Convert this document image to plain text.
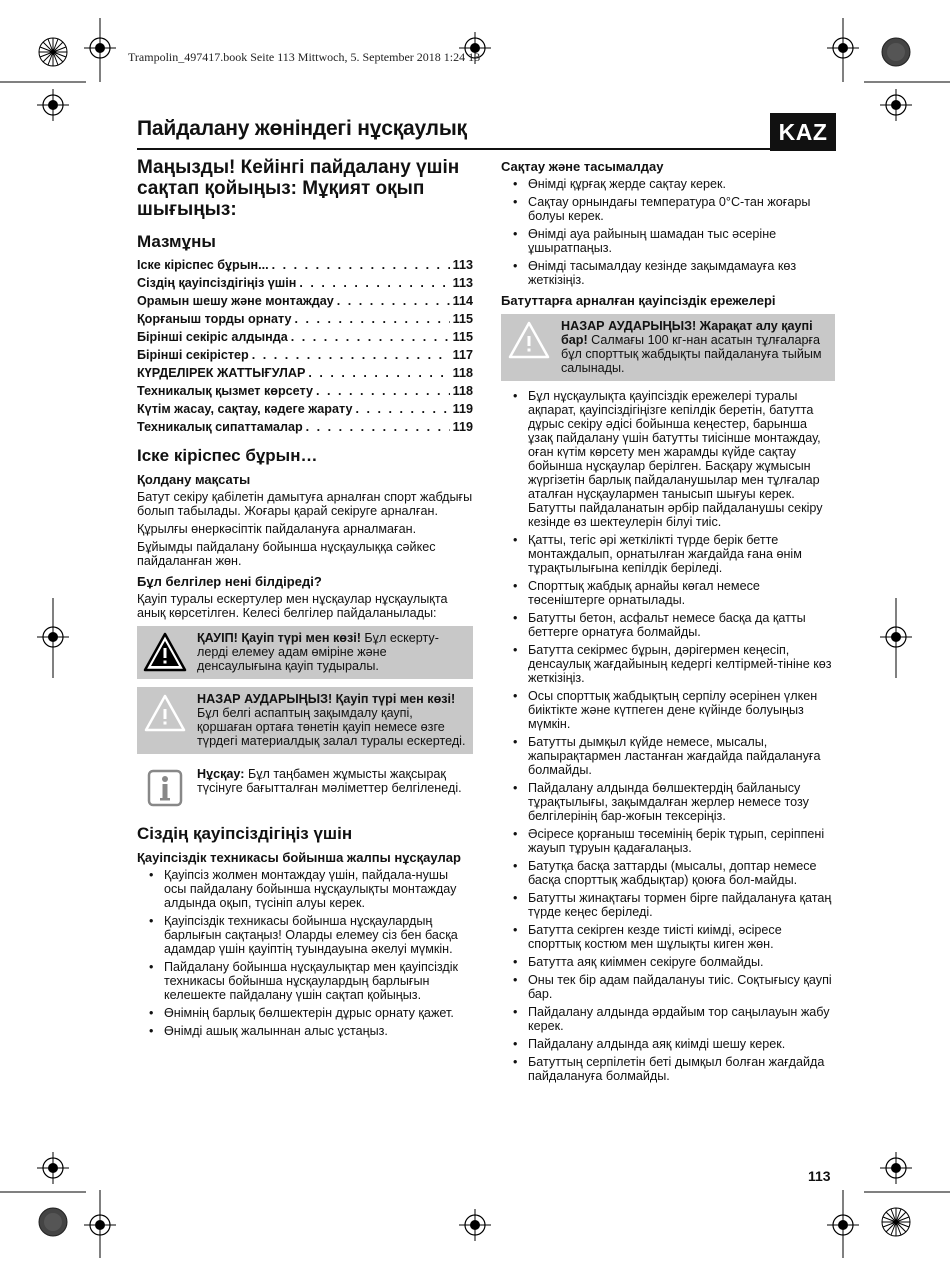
Trampolin_497417.book Seite 113 Mittwoch, 5. September 2018 1:24 13
Пайдалану жөніндегі нұсқаулық	KAZ
Маңызды! Кейінгі пайдалану үшін сақтап қойыңыз: Мұқият оқып шығыңыз:
Мазмұны
Іске кіріспес бұрын... . . .	113
Сіздің қауіпсіздігіңіз үшін . . .	113
Орамын шешу және монтаждау . . .	114
Қорғаныш торды орнату . . .	115
Бірінші секіріс алдында . . .	115
Бірінші секірістер . . .	117
КҮРДЕЛІРЕК ЖАТТЫҒУЛАР . . .	118
Техникалық қызмет көрсету . . .	118
Күтім жасау, сақтау, кәдеге жарату . . .	119
Техникалық сипаттамалар . . .	119
Іске кіріспес бұрын…
Қолдану мақсаты

Батут секіру қабілетін дамытуға арналған спорт жабдығы болып табылады. Жоғары қарай секіруге арналған.

Құрылғы өнеркәсіптік пайдалануға арналмаған.

Бұйымды пайдалану бойынша нұсқаулыққа сәйкес пайдаланған жөн.

Бұл белгілер нені білдіреді?

Қауіп туралы ескертулер мен нұсқаулар нұсқаулықта анық көрсетілген. Келесі белгілер пайдаланылады:

ҚАУІП! Қауіп түрі мен көзі! Бұл ескерту-лерді елемеу адам өміріне және денсаулығына қауіп тудыралы.
НАЗАР АУДАРЫҢЫЗ! Қауіп түрі мен көзі! Бұл белгі аспаптың зақымдалу қаупі, қоршаған ортаға төнетін қауіп немесе өзге түрдегі материалдық залал туралы ескертеді.
Нұсқау: Бұл таңбамен жұмысты жақсырақ түсінуге бағытталған мәліметтер белгіленеді.
Сіздің қауіпсіздігіңіз үшін
Қауіпсіздік техникасы бойынша жалпы нұсқаулар
• Қауіпсіз жолмен монтаждау үшін, пайдала-нушы осы пайдалану бойынша нұсқаулықты монтаждау алдында оқып, түсініп алуы керек.
• Қауіпсіздік техникасы бойынша нұсқаулардың барлығын сақтаңыз! Оларды елемеу сіз бен басқа адамдар үшін қауіптің туындауына әкелуі мүмкін.
• Пайдалану бойынша нұсқаулықтар мен қауіпсіздік техникасы бойынша нұсқаулардың барлығын келешекте пайдалану үшін сақтап қойыңыз.
• Өнімнің барлық бөлшектерін дұрыс орнату қажет.
• Өнімді ашық жалыннан алыс ұстаңыз.
Сақтау және тасымалдау
• Өнімді құрғақ жерде сақтау керек.
• Сақтау орнындағы температура 0°C-тан жоғары болуы керек.
• Өнімді ауа райының шамадан тыс әсеріне ұшыратпаңыз.
• Өнімді тасымалдау кезінде зақымдамауға көз жеткізіңіз.
Батуттарға арналған қауіпсіздік ережелері
НАЗАР АУДАРЫҢЫЗ! Жарақат алу қаупі бар! Салмағы 100 кг-нан асатын тұлғаларға бұл спорттық жабдықты пайдалануға тыйым салынады.
• Бұл нұсқаулықта қауіпсіздік ережелері туралы ақпарат, қауіпсіздігіңізге кепілдік беретін, батутта дұрыс секіру әдісі бойынша кеңестер, барынша ұзақ пайдалану үшін батутты тиісінше монтаждау, оған күтім көрсету мен жарамды күйде сақтау бойынша нұсқаулар берілген. Басқару жұмысын жүргізетін барлық пайдаланушылар мен тұлғалар аталған нұсқаулармен танысып шығуы керек. Батутты пайдаланатын әрбір пайдаланушы секіру кезінде өз шектеулерін білуі тиіс.
• Қатты, тегіс әрі жеткілікті түрде берік бетте монтаждалып, орнатылған жағдайда ғана өнім тұрақтылығына кепілдік беріледі.
• Спорттық жабдық арнайы көгал немесе төсеніштерге орнатылады.
• Батутты бетон, асфальт немесе басқа да қатты беттерге орнатуға болмайды.
• Батутта секірмес бұрын, дәрігермен кеңесіп, денсаулық жағдайының кедергі келтірмей-тініне көз жеткізіңіз.
• Осы спорттық жабдықтың серпілу әсерінен үлкен биіктікте және күтпеген дене күйінде болуыңыз мүмкін.
• Батутты дымқыл күйде немесе, мысалы, жапырақтармен ластанған жағдайда пайдалануға болмайды.
• Пайдалану алдында бөлшектердің байланысу тұрақтылығы, зақымдалған жерлер немесе тозу белгілерінің бар-жоғын тексеріңіз.
• Әсіресе қорғаныш төсемінің берік тұрып, серіппені жауып тұруын қадағалаңыз.
• Батутқа басқа заттарды (мысалы, доптар немесе басқа спорттық жабдықтар) қоюға бол-майды.
• Батутты жинақтағы тормен бірге пайдалануға қатаң түрде кеңес беріледі.
• Батутта секірген кезде тиісті киімді, әсіресе спорттық костюм мен шұлықты киген жөн.
• Батутта аяқ киіммен секіруге болмайды.
• Оны тек бір адам пайдалануы тиіс. Соқтығысу қаупі бар.
• Пайдалану алдында әрдайым тор саңылауын жабу керек.
• Пайдалану алдында аяқ киімді шешу керек.
• Батуттың серпілетін беті дымқыл болған жағдайда пайдалануға болмайды.
113
